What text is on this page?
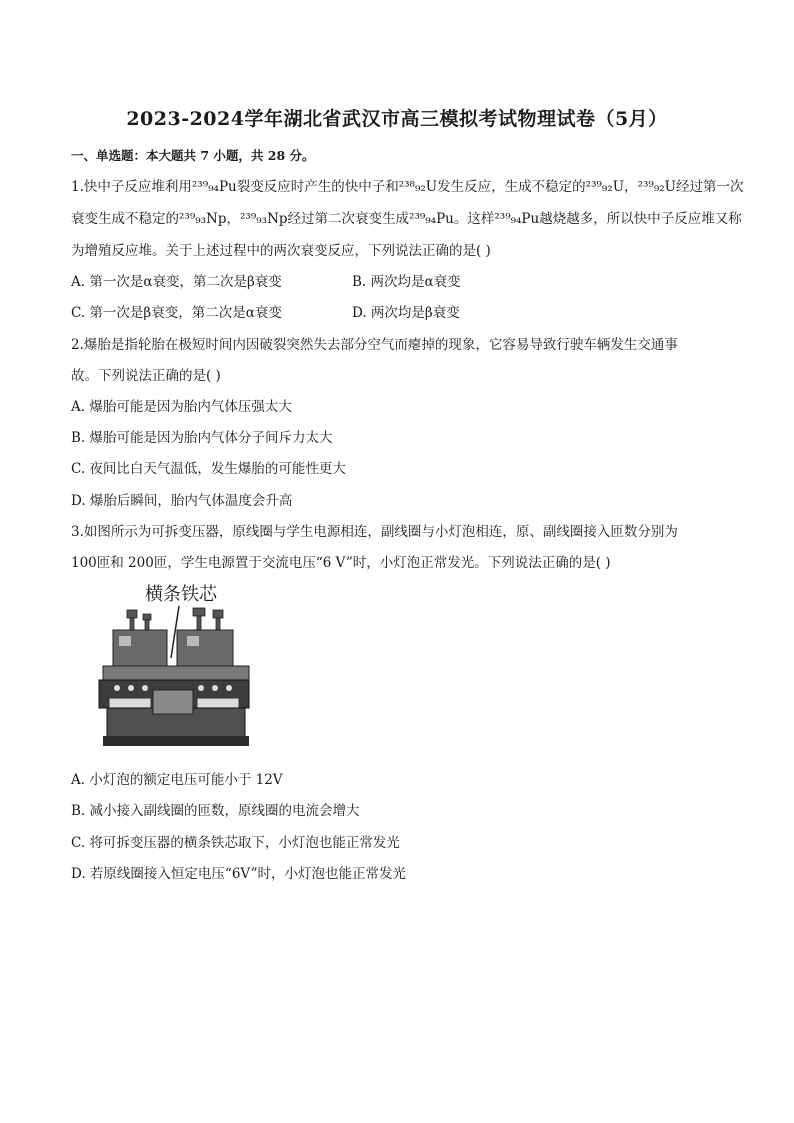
2023-2024学年湖北省武汉市高三模拟考试物理试卷（5月）
一、单选题：本大题共 7 小题，共 28 分。
1.快中子反应堆利用²³⁹₉₄Pu裂变反应时产生的快中子和²³⁸₉₂U发生反应，生成不稳定的²³⁹₉₂U，²³⁹₉₂U经过第一次
衰变生成不稳定的²³⁹₉₃Np，²³⁹₉₃Np经过第二次衰变生成²³⁹₉₄Pu。这样²³⁹₉₄Pu越烧越多，所以快中子反应堆又称
为增殖反应堆。关于上述过程中的两次衰变反应，下列说法正确的是( )
A. 第一次是α衰变，第二次是β衰变	B. 两次均是α衰变
C. 第一次是β衰变，第二次是α衰变	D. 两次均是β衰变
2.爆胎是指轮胎在极短时间内因破裂突然失去部分空气而瘪掉的现象，它容易导致行驶车辆发生交通事
故。下列说法正确的是( )
A. 爆胎可能是因为胎内气体压强太大
B. 爆胎可能是因为胎内气体分子间斥力太大
C. 夜间比白天气温低，发生爆胎的可能性更大
D. 爆胎后瞬间，胎内气体温度会升高
3.如图所示为可拆变压器，原线圈与学生电源相连，副线圈与小灯泡相连，原、副线圈接入匝数分别为
100匝和 200匝，学生电源置于交流电压“6 V”时，小灯泡正常发光。下列说法正确的是( )
横条铁芯
A. 小灯泡的额定电压可能小于 12V
B. 减小接入副线圈的匝数，原线圈的电流会增大
C. 将可拆变压器的横条铁芯取下，小灯泡也能正常发光
D. 若原线圈接入恒定电压“6V”时，小灯泡也能正常发光
